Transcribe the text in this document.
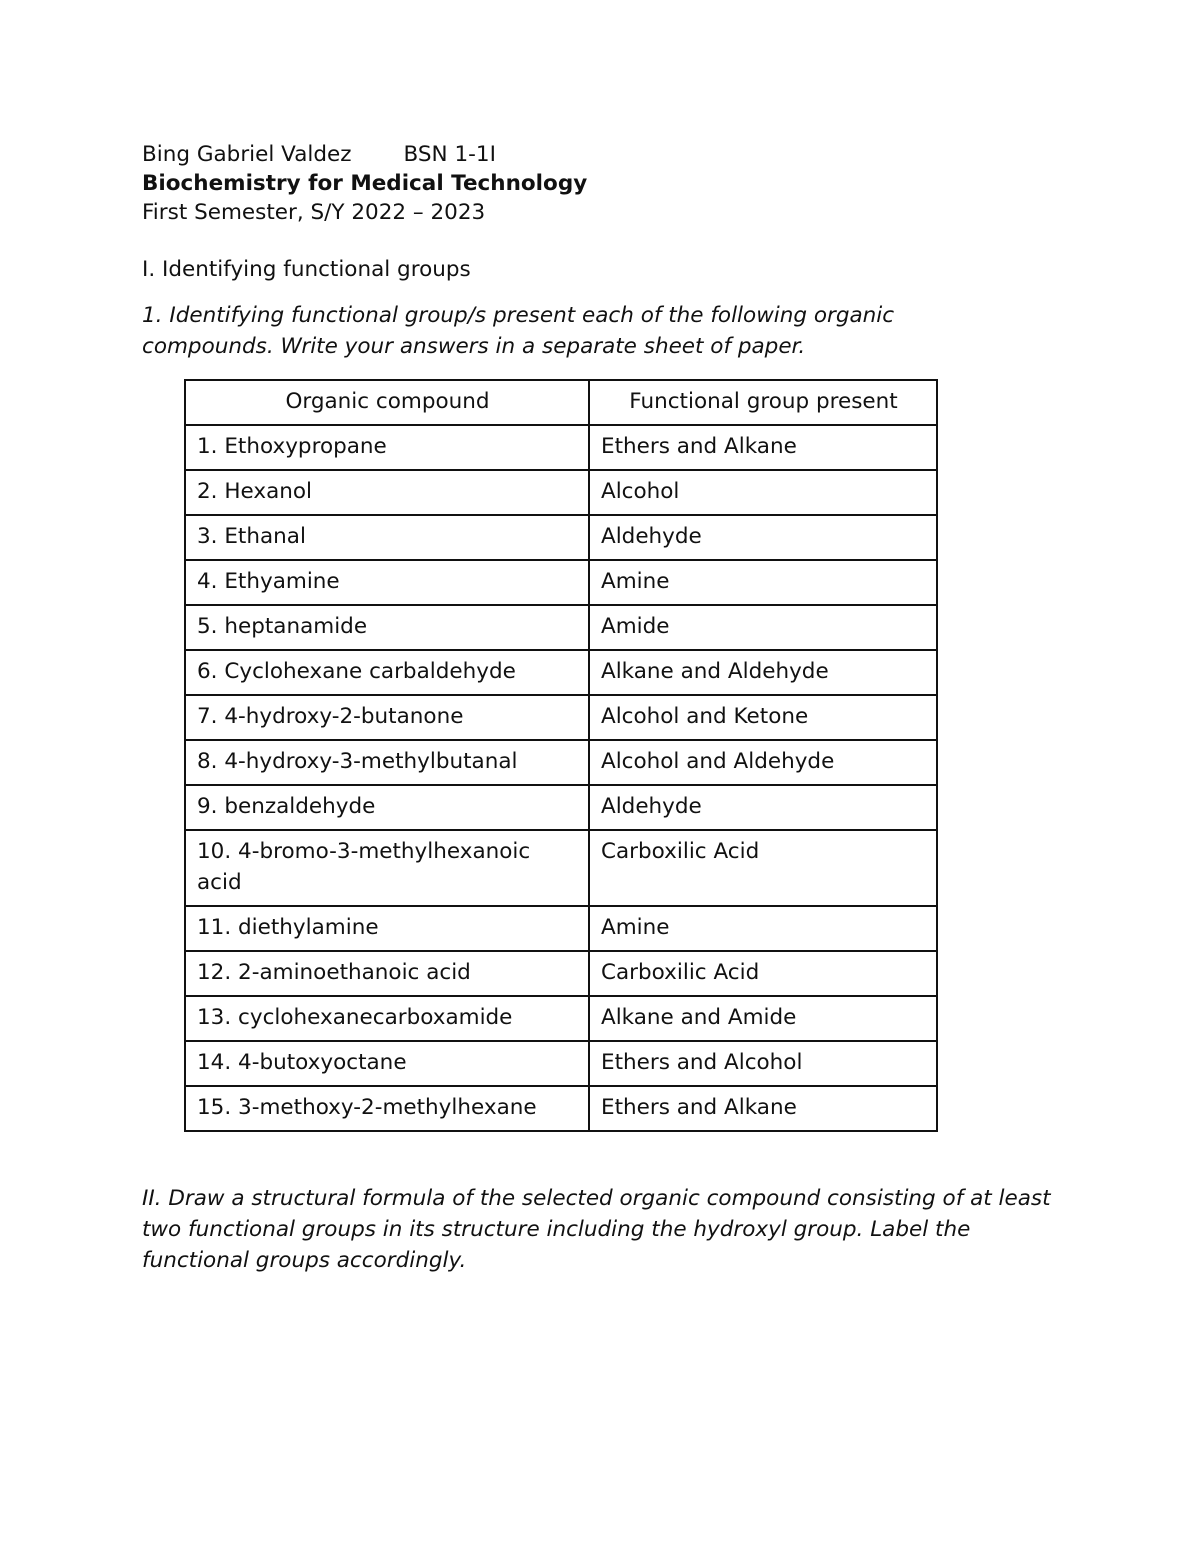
Bing Gabriel Valdez BSN 1-1I
Biochemistry for Medical Technology
First Semester, S/Y 2022 – 2023
I. Identifying functional groups
1. Identifying functional group/s present each of the following organic compounds. Write your answers in a separate sheet of paper.
Organic compound	Functional group present
1. Ethoxypropane	Ethers and Alkane
2. Hexanol	Alcohol
3. Ethanal	Aldehyde
4. Ethyamine	Amine
5. heptanamide	Amide
6. Cyclohexane carbaldehyde	Alkane and Aldehyde
7. 4-hydroxy-2-butanone	Alcohol and Ketone
8. 4-hydroxy-3-methylbutanal	Alcohol and Aldehyde
9. benzaldehyde	Aldehyde
10. 4-bromo-3-methylhexanoic acid	Carboxilic Acid
11. diethylamine	Amine
12. 2-aminoethanoic acid	Carboxilic Acid
13. cyclohexanecarboxamide	Alkane and Amide
14. 4-butoxyoctane	Ethers and Alcohol
15. 3-methoxy-2-methylhexane	Ethers and Alkane
II. Draw a structural formula of the selected organic compound consisting of at least two functional groups in its structure including the hydroxyl group. Label the functional groups accordingly.
